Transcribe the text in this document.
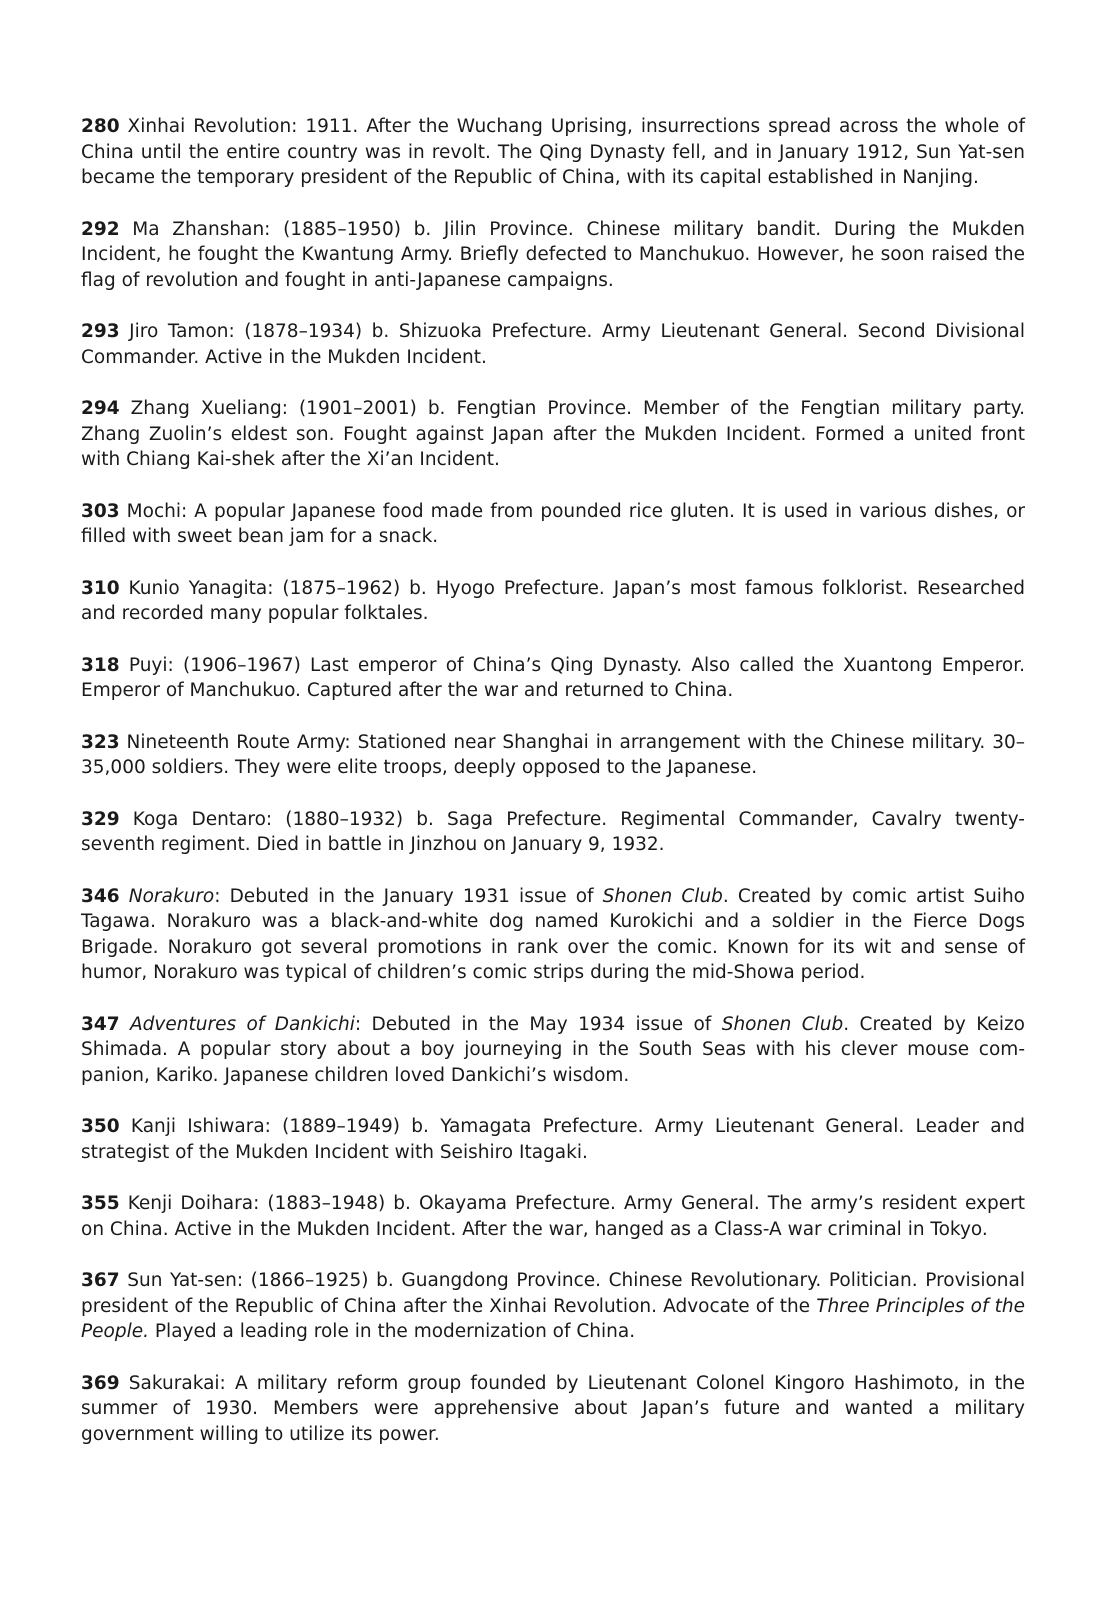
280 Xinhai Revolution: 1911. After the Wuchang Uprising, insurrections spread across the whole of China until the entire country was in revolt. The Qing Dynasty fell, and in January 1912, Sun Yat-sen became the temporary president of the Republic of China, with its capital established in Nanjing.

292 Ma Zhanshan: (1885–1950) b. Jilin Province. Chinese military bandit. During the Mukden Incident, he fought the Kwantung Army. Briefly defected to Manchukuo. However, he soon raised the flag of revolution and fought in anti-Japanese campaigns.

293 Jiro Tamon: (1878–1934) b. Shizuoka Prefecture. Army Lieutenant General. Second Divisional Commander. Active in the Mukden Incident.

294 Zhang Xueliang: (1901–2001) b. Fengtian Province. Member of the Fengtian military party. Zhang Zuolin’s eldest son. Fought against Japan after the Mukden Incident. Formed a united front with Chiang Kai-shek after the Xi’an Incident.

303 Mochi: A popular Japanese food made from pounded rice gluten. It is used in various dishes, or filled with sweet bean jam for a snack.

310 Kunio Yanagita: (1875–1962) b. Hyogo Prefecture. Japan’s most famous folklorist. Researched and recorded many popular folktales.

318 Puyi: (1906–1967) Last emperor of China’s Qing Dynasty. Also called the Xuantong Emperor. Emperor of Manchukuo. Captured after the war and returned to China.

323 Nineteenth Route Army: Stationed near Shanghai in arrangement with the Chinese military. 30–35,000 soldiers. They were elite troops, deeply opposed to the Japanese.

329 Koga Dentaro: (1880–1932) b. Saga Prefecture. Regimental Commander, Cavalry twenty-seventh regiment. Died in battle in Jinzhou on January 9, 1932.

346 Norakuro: Debuted in the January 1931 issue of Shonen Club. Created by comic artist Suiho Tagawa. Norakuro was a black-and-white dog named Kurokichi and a soldier in the Fierce Dogs Brigade. Norakuro got several promotions in rank over the comic. Known for its wit and sense of humor, Norakuro was typical of children’s comic strips during the mid-Showa period.

347 Adventures of Dankichi: Debuted in the May 1934 issue of Shonen Club. Created by Keizo Shimada. A popular story about a boy journeying in the South Seas with his clever mouse com-panion, Kariko. Japanese children loved Dankichi’s wisdom.

350 Kanji Ishiwara: (1889–1949) b. Yamagata Prefecture. Army Lieutenant General. Leader and strategist of the Mukden Incident with Seishiro Itagaki.

355 Kenji Doihara: (1883–1948) b. Okayama Prefecture. Army General. The army’s resident expert on China. Active in the Mukden Incident. After the war, hanged as a Class-A war criminal in Tokyo.

367 Sun Yat-sen: (1866–1925) b. Guangdong Province. Chinese Revolutionary. Politician. Provisional president of the Republic of China after the Xinhai Revolution. Advocate of the Three Principles of the People. Played a leading role in the modernization of China.

369 Sakurakai: A military reform group founded by Lieutenant Colonel Kingoro Hashimoto, in the summer of 1930. Members were apprehensive about Japan’s future and wanted a military government willing to utilize its power.
